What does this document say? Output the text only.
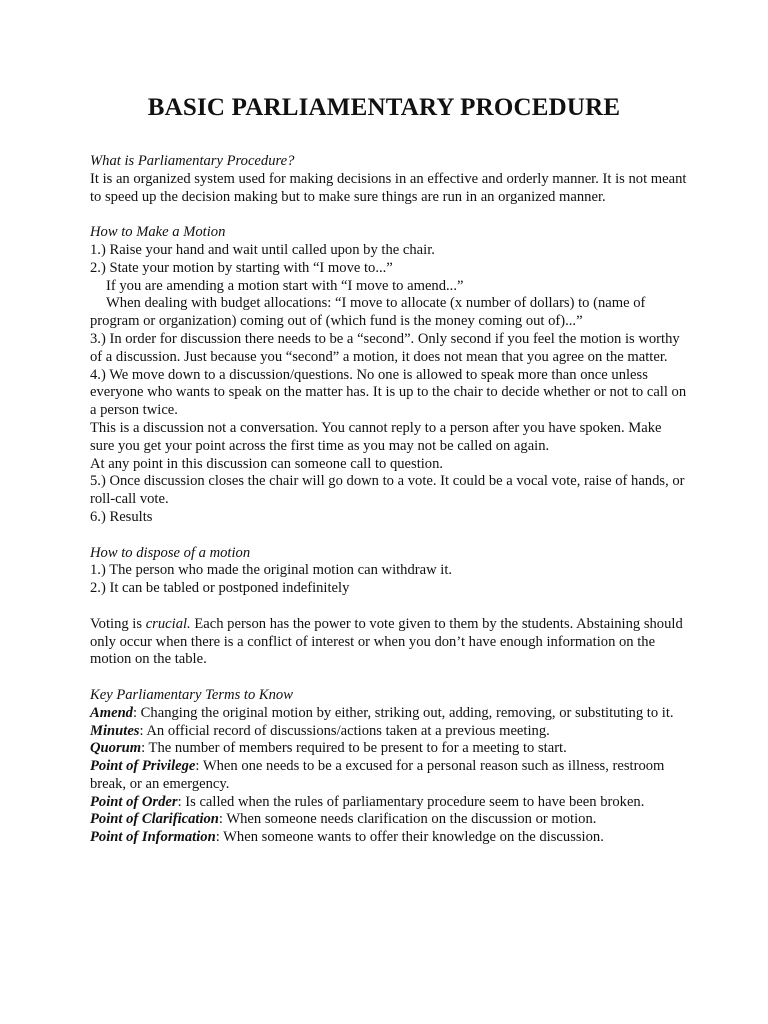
BASIC PARLIAMENTARY PROCEDURE
What is Parliamentary Procedure?
It is an organized system used for making decisions in an effective and orderly manner. It is not meant to speed up the decision making but to make sure things are run in an organized manner.
How to Make a Motion
1.) Raise your hand and wait until called upon by the chair.
2.) State your motion by starting with “I move to...”
If you are amending a motion start with “I move to amend...”
When dealing with budget allocations: “I move to allocate (x number of dollars) to (name of program or organization) coming out of (which fund is the money coming out of)...”
3.) In order for discussion there needs to be a “second”. Only second if you feel the motion is worthy of a discussion. Just because you “second” a motion, it does not mean that you agree on the matter.
4.) We move down to a discussion/questions. No one is allowed to speak more than once unless everyone who wants to speak on the matter has. It is up to the chair to decide whether or not to call on a person twice.
This is a discussion not a conversation. You cannot reply to a person after you have spoken. Make sure you get your point across the first time as you may not be called on again.
At any point in this discussion can someone call to question.
5.) Once discussion closes the chair will go down to a vote. It could be a vocal vote, raise of hands, or roll-call vote.
6.) Results
How to dispose of a motion
1.) The person who made the original motion can withdraw it.
2.) It can be tabled or postponed indefinitely
Voting is crucial. Each person has the power to vote given to them by the students. Abstaining should only occur when there is a conflict of interest or when you don’t have enough information on the motion on the table.
Key Parliamentary Terms to Know
Amend: Changing the original motion by either, striking out, adding, removing, or substituting to it.
Minutes: An official record of discussions/actions taken at a previous meeting.
Quorum: The number of members required to be present to for a meeting to start.
Point of Privilege: When one needs to be a excused for a personal reason such as illness, restroom break, or an emergency.
Point of Order: Is called when the rules of parliamentary procedure seem to have been broken.
Point of Clarification: When someone needs clarification on the discussion or motion.
Point of Information: When someone wants to offer their knowledge on the discussion.
